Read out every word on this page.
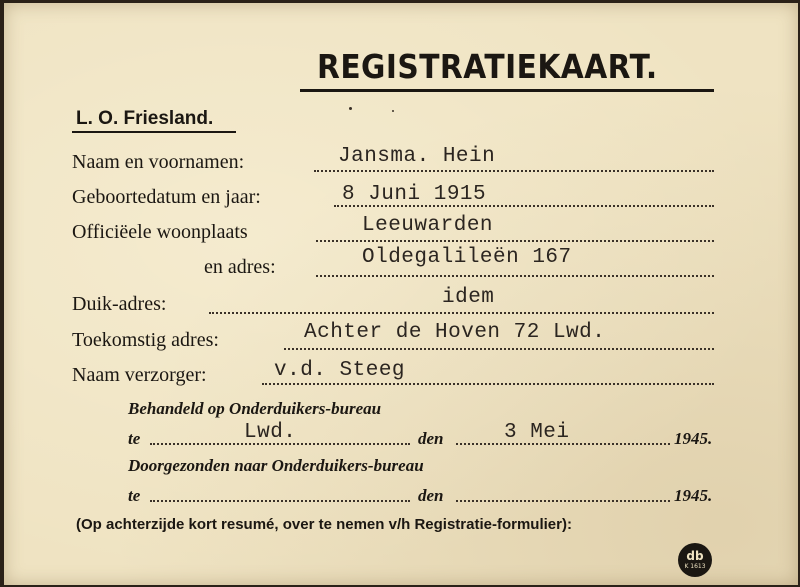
REGISTRATIEKAART.
L. O. Friesland.
Naam en voornamen:	Jansma. Hein
Geboortedatum en jaar:	8 Juni 1915
Officiëele woonplaats	Leeuwarden
en adres:	Oldegalileën 167
Duik-adres:	idem
Toekomstig adres:	Achter de Hoven 72 Lwd.
Naam verzorger:	v.d. Steeg
Behandeld op Onderduikers-bureau
te	Lwd.	den	3 Mei	1945.
Doorgezonden naar Onderduikers-bureau
te	den	1945.
(Op achterzijde kort resumé, over te nemen v/h Registratie-formulier):
db
K 1613
